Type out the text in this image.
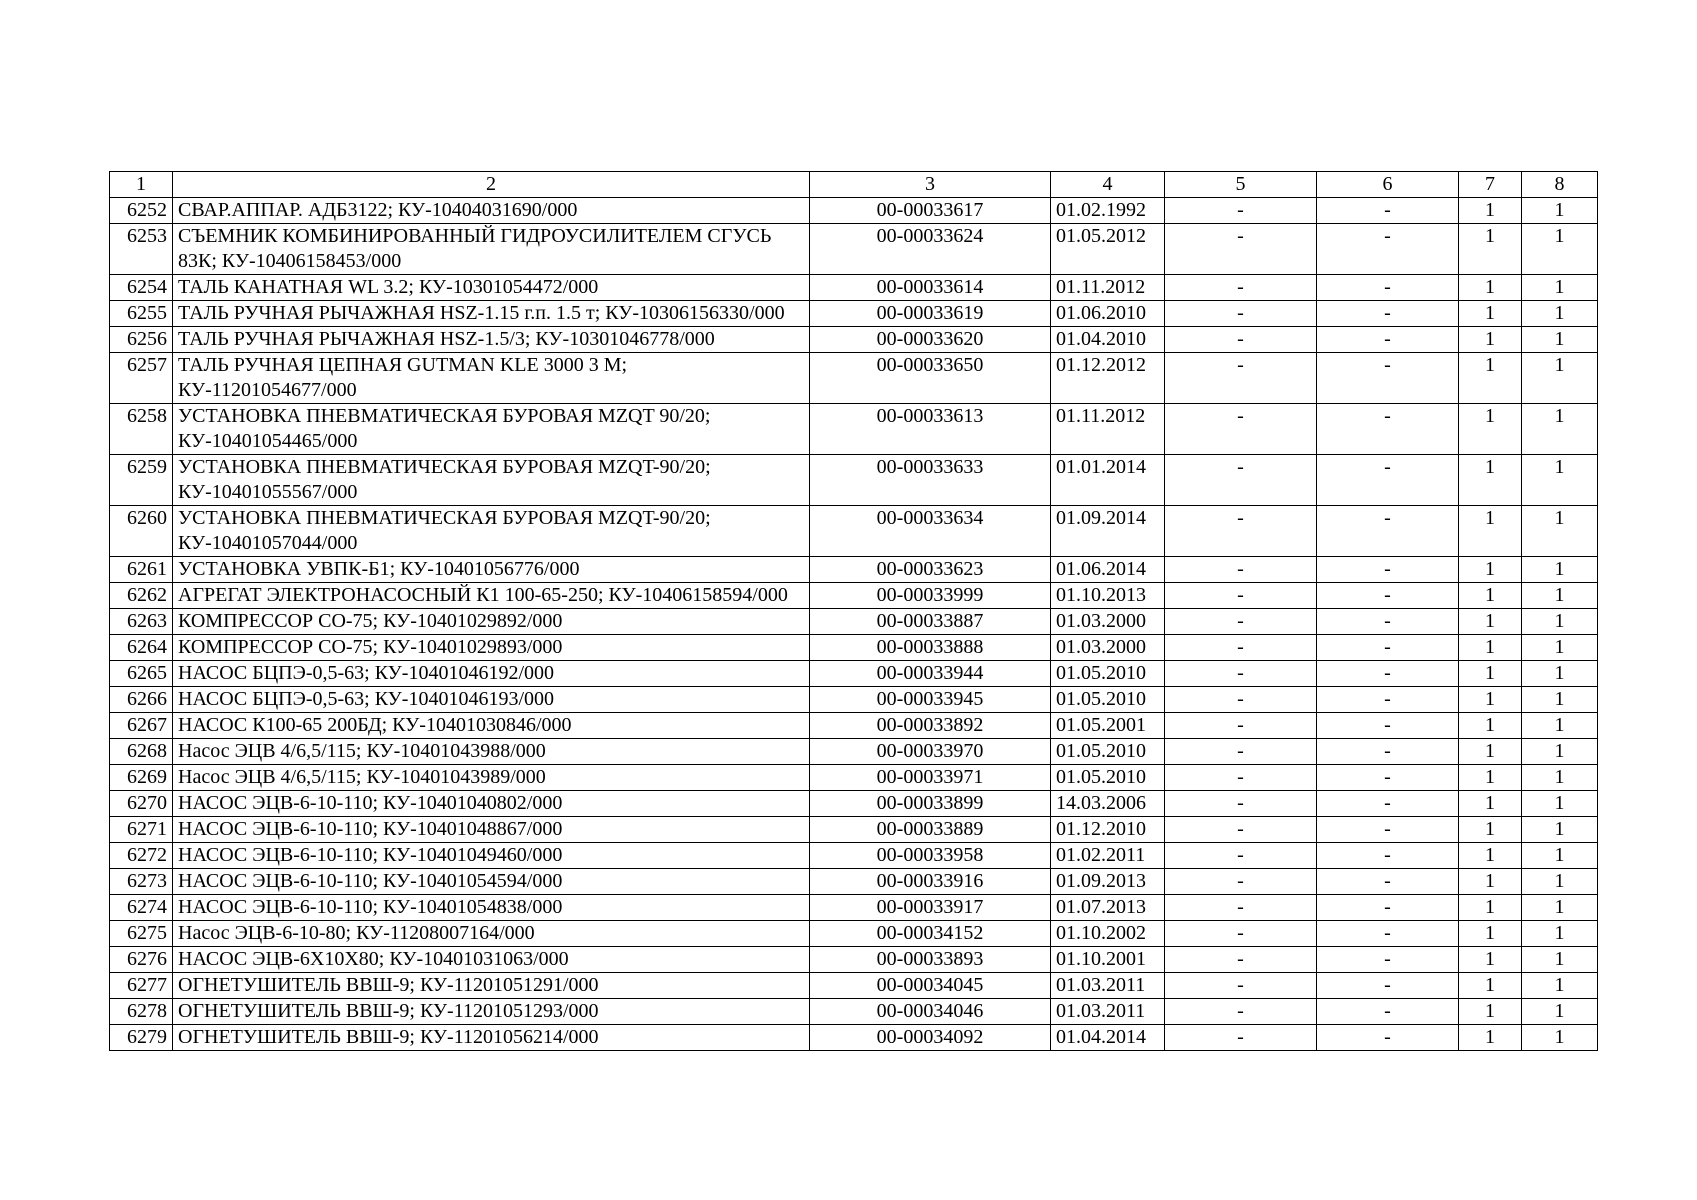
1	2	3	4	5	6	7	8
6252	СВАР.АППАР. АДБ3122; КУ-10404031690/000	00-00033617	01.02.1992	-	-	1	1
6253	СЪЕМНИК КОМБИНИРОВАННЫЙ ГИДРОУСИЛИТЕЛЕМ СГУСЬ 83К; КУ-10406158453/000	00-00033624	01.05.2012	-	-	1	1
6254	ТАЛЬ КАНАТНАЯ WL 3.2; КУ-10301054472/000	00-00033614	01.11.2012	-	-	1	1
6255	ТАЛЬ РУЧНАЯ РЫЧАЖНАЯ HSZ-1.15 г.п. 1.5 т; КУ-10306156330/000	00-00033619	01.06.2010	-	-	1	1
6256	ТАЛЬ РУЧНАЯ РЫЧАЖНАЯ HSZ-1.5/3; КУ-10301046778/000	00-00033620	01.04.2010	-	-	1	1
6257	ТАЛЬ РУЧНАЯ ЦЕПНАЯ GUTMAN KLE 3000 3 М; КУ-11201054677/000	00-00033650	01.12.2012	-	-	1	1
6258	УСТАНОВКА ПНЕВМАТИЧЕСКАЯ БУРОВАЯ MZQT 90/20; КУ-10401054465/000	00-00033613	01.11.2012	-	-	1	1
6259	УСТАНОВКА ПНЕВМАТИЧЕСКАЯ БУРОВАЯ MZQT-90/20; КУ-10401055567/000	00-00033633	01.01.2014	-	-	1	1
6260	УСТАНОВКА ПНЕВМАТИЧЕСКАЯ БУРОВАЯ MZQT-90/20; КУ-10401057044/000	00-00033634	01.09.2014	-	-	1	1
6261	УСТАНОВКА УВПК-Б1; КУ-10401056776/000	00-00033623	01.06.2014	-	-	1	1
6262	АГРЕГАТ ЭЛЕКТРОНАСОСНЫЙ К1 100-65-250; КУ-10406158594/000	00-00033999	01.10.2013	-	-	1	1
6263	КОМПРЕССОР СО-75; КУ-10401029892/000	00-00033887	01.03.2000	-	-	1	1
6264	КОМПРЕССОР СО-75; КУ-10401029893/000	00-00033888	01.03.2000	-	-	1	1
6265	НАСОС БЦПЭ-0,5-63; КУ-10401046192/000	00-00033944	01.05.2010	-	-	1	1
6266	НАСОС БЦПЭ-0,5-63; КУ-10401046193/000	00-00033945	01.05.2010	-	-	1	1
6267	НАСОС К100-65 200БД; КУ-10401030846/000	00-00033892	01.05.2001	-	-	1	1
6268	Насос ЭЦВ 4/6,5/115; КУ-10401043988/000	00-00033970	01.05.2010	-	-	1	1
6269	Насос ЭЦВ 4/6,5/115; КУ-10401043989/000	00-00033971	01.05.2010	-	-	1	1
6270	НАСОС ЭЦВ-6-10-110; КУ-10401040802/000	00-00033899	14.03.2006	-	-	1	1
6271	НАСОС ЭЦВ-6-10-110; КУ-10401048867/000	00-00033889	01.12.2010	-	-	1	1
6272	НАСОС ЭЦВ-6-10-110; КУ-10401049460/000	00-00033958	01.02.2011	-	-	1	1
6273	НАСОС ЭЦВ-6-10-110; КУ-10401054594/000	00-00033916	01.09.2013	-	-	1	1
6274	НАСОС ЭЦВ-6-10-110; КУ-10401054838/000	00-00033917	01.07.2013	-	-	1	1
6275	Насос ЭЦВ-6-10-80; КУ-11208007164/000	00-00034152	01.10.2002	-	-	1	1
6276	НАСОС ЭЦВ-6Х10Х80; КУ-10401031063/000	00-00033893	01.10.2001	-	-	1	1
6277	ОГНЕТУШИТЕЛЬ ВВШ-9; КУ-11201051291/000	00-00034045	01.03.2011	-	-	1	1
6278	ОГНЕТУШИТЕЛЬ ВВШ-9; КУ-11201051293/000	00-00034046	01.03.2011	-	-	1	1
6279	ОГНЕТУШИТЕЛЬ ВВШ-9; КУ-11201056214/000	00-00034092	01.04.2014	-	-	1	1
